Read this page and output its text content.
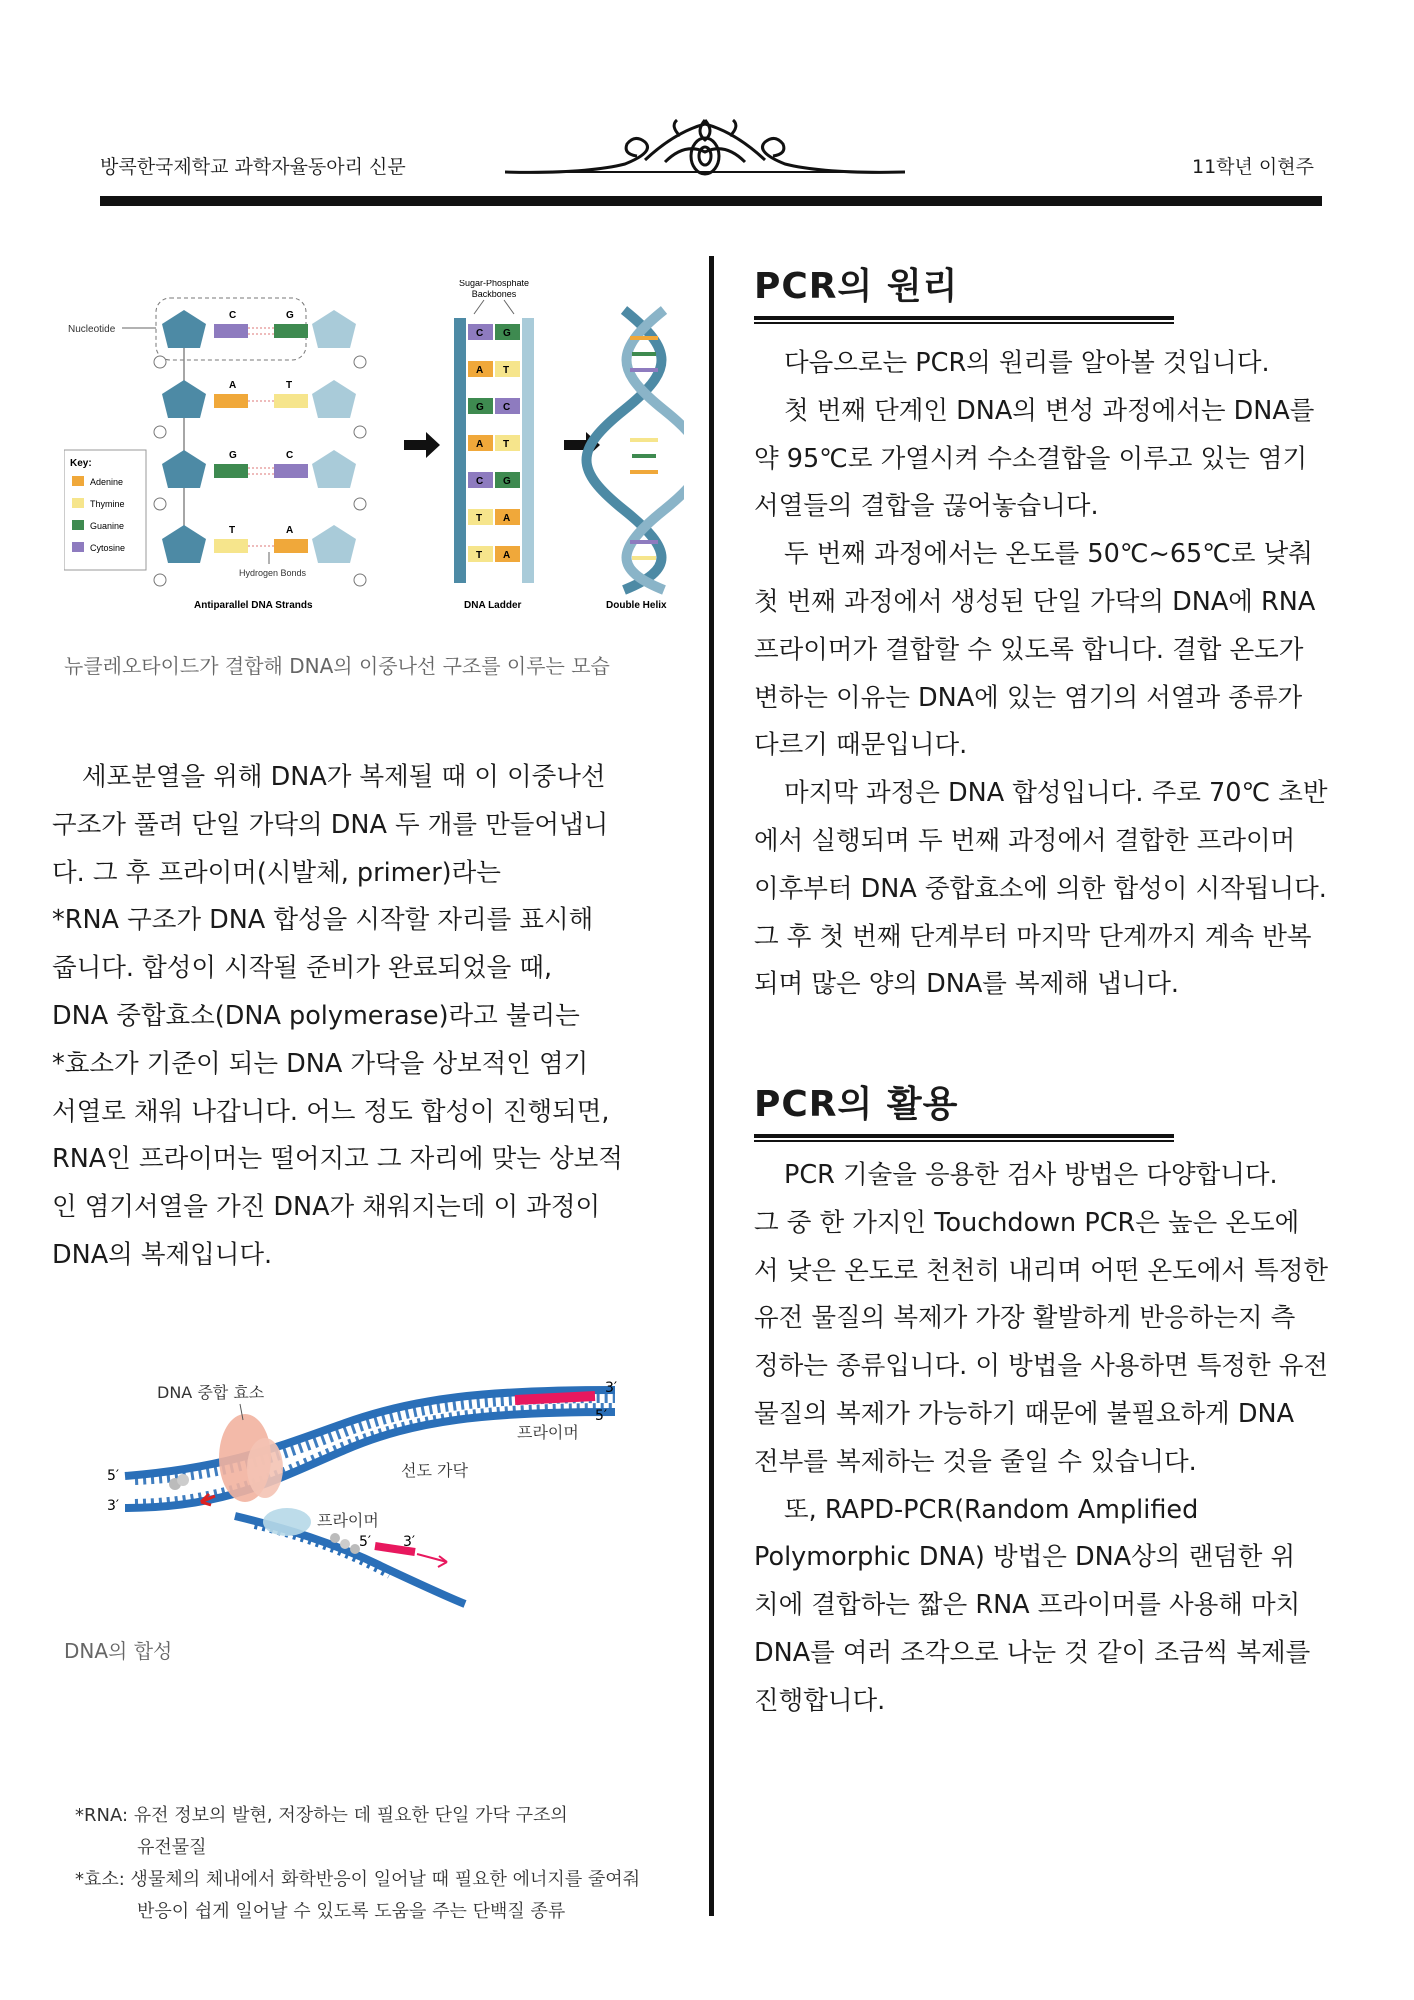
방콕한국제학교 과학자율동아리 신문	11학년 이현주
Nucleotide
C	G
A	T
G	C
T	A
Hydrogen Bonds
Key:
Adenine
Thymine
Guanine
Cytosine
Sugar-Phosphate
Backbones
C G
A T
G C
A T
C G
T A
T A
Antiparallel DNA Strands	DNA Ladder	Double Helix
뉴클레오타이드가 결합해 DNA의 이중나선 구조를 이루는 모습

세포분열을 위해 DNA가 복제될 때 이 이중나선

구조가 풀려 단일 가닥의 DNA 두 개를 만들어냅니

다. 그 후 프라이머(시발체, primer)라는

*RNA 구조가 DNA 합성을 시작할 자리를 표시해

줍니다. 합성이 시작될 준비가 완료되었을 때,

DNA 중합효소(DNA polymerase)라고 불리는

*효소가 기준이 되는 DNA 가닥을 상보적인 염기

서열로 채워 나갑니다. 어느 정도 합성이 진행되면,

RNA인 프라이머는 떨어지고 그 자리에 맞는 상보적

인 염기서열을 가진 DNA가 채워지는데 이 과정이

DNA의 복제입니다.

DNA 중합 효소
프라이머
선도 가닥
프라이머
3′
5′
5′
3′
5′ 3′
DNA의 합성
*RNA: 유전 정보의 발현, 저장하는 데 필요한 단일 가닥 구조의
유전물질
*효소: 생물체의 체내에서 화학반응이 일어날 때 필요한 에너지를 줄여줘
반응이 쉽게 일어날 수 있도록 도움을 주는 단백질 종류
PCR의 원리

다음으로는 PCR의 원리를 알아볼 것입니다.

첫 번째 단계인 DNA의 변성 과정에서는 DNA를

약 95℃로 가열시켜 수소결합을 이루고 있는 염기

서열들의 결합을 끊어놓습니다.

두 번째 과정에서는 온도를 50℃~65℃로 낮춰

첫 번째 과정에서 생성된 단일 가닥의 DNA에 RNA

프라이머가 결합할 수 있도록 합니다. 결합 온도가

변하는 이유는 DNA에 있는 염기의 서열과 종류가

다르기 때문입니다.

마지막 과정은 DNA 합성입니다. 주로 70℃ 초반

에서 실행되며 두 번째 과정에서 결합한 프라이머

이후부터 DNA 중합효소에 의한 합성이 시작됩니다.

그 후 첫 번째 단계부터 마지막 단계까지 계속 반복

되며 많은 양의 DNA를 복제해 냅니다.

PCR의 활용

PCR 기술을 응용한 검사 방법은 다양합니다.

그 중 한 가지인 Touchdown PCR은 높은 온도에

서 낮은 온도로 천천히 내리며 어떤 온도에서 특정한

유전 물질의 복제가 가장 활발하게 반응하는지 측

정하는 종류입니다. 이 방법을 사용하면 특정한 유전

물질의 복제가 가능하기 때문에 불필요하게 DNA

전부를 복제하는 것을 줄일 수 있습니다.

또, RAPD-PCR(Random Amplified

Polymorphic DNA) 방법은 DNA상의 랜덤한 위

치에 결합하는 짧은 RNA 프라이머를 사용해 마치

DNA를 여러 조각으로 나눈 것 같이 조금씩 복제를

진행합니다.
